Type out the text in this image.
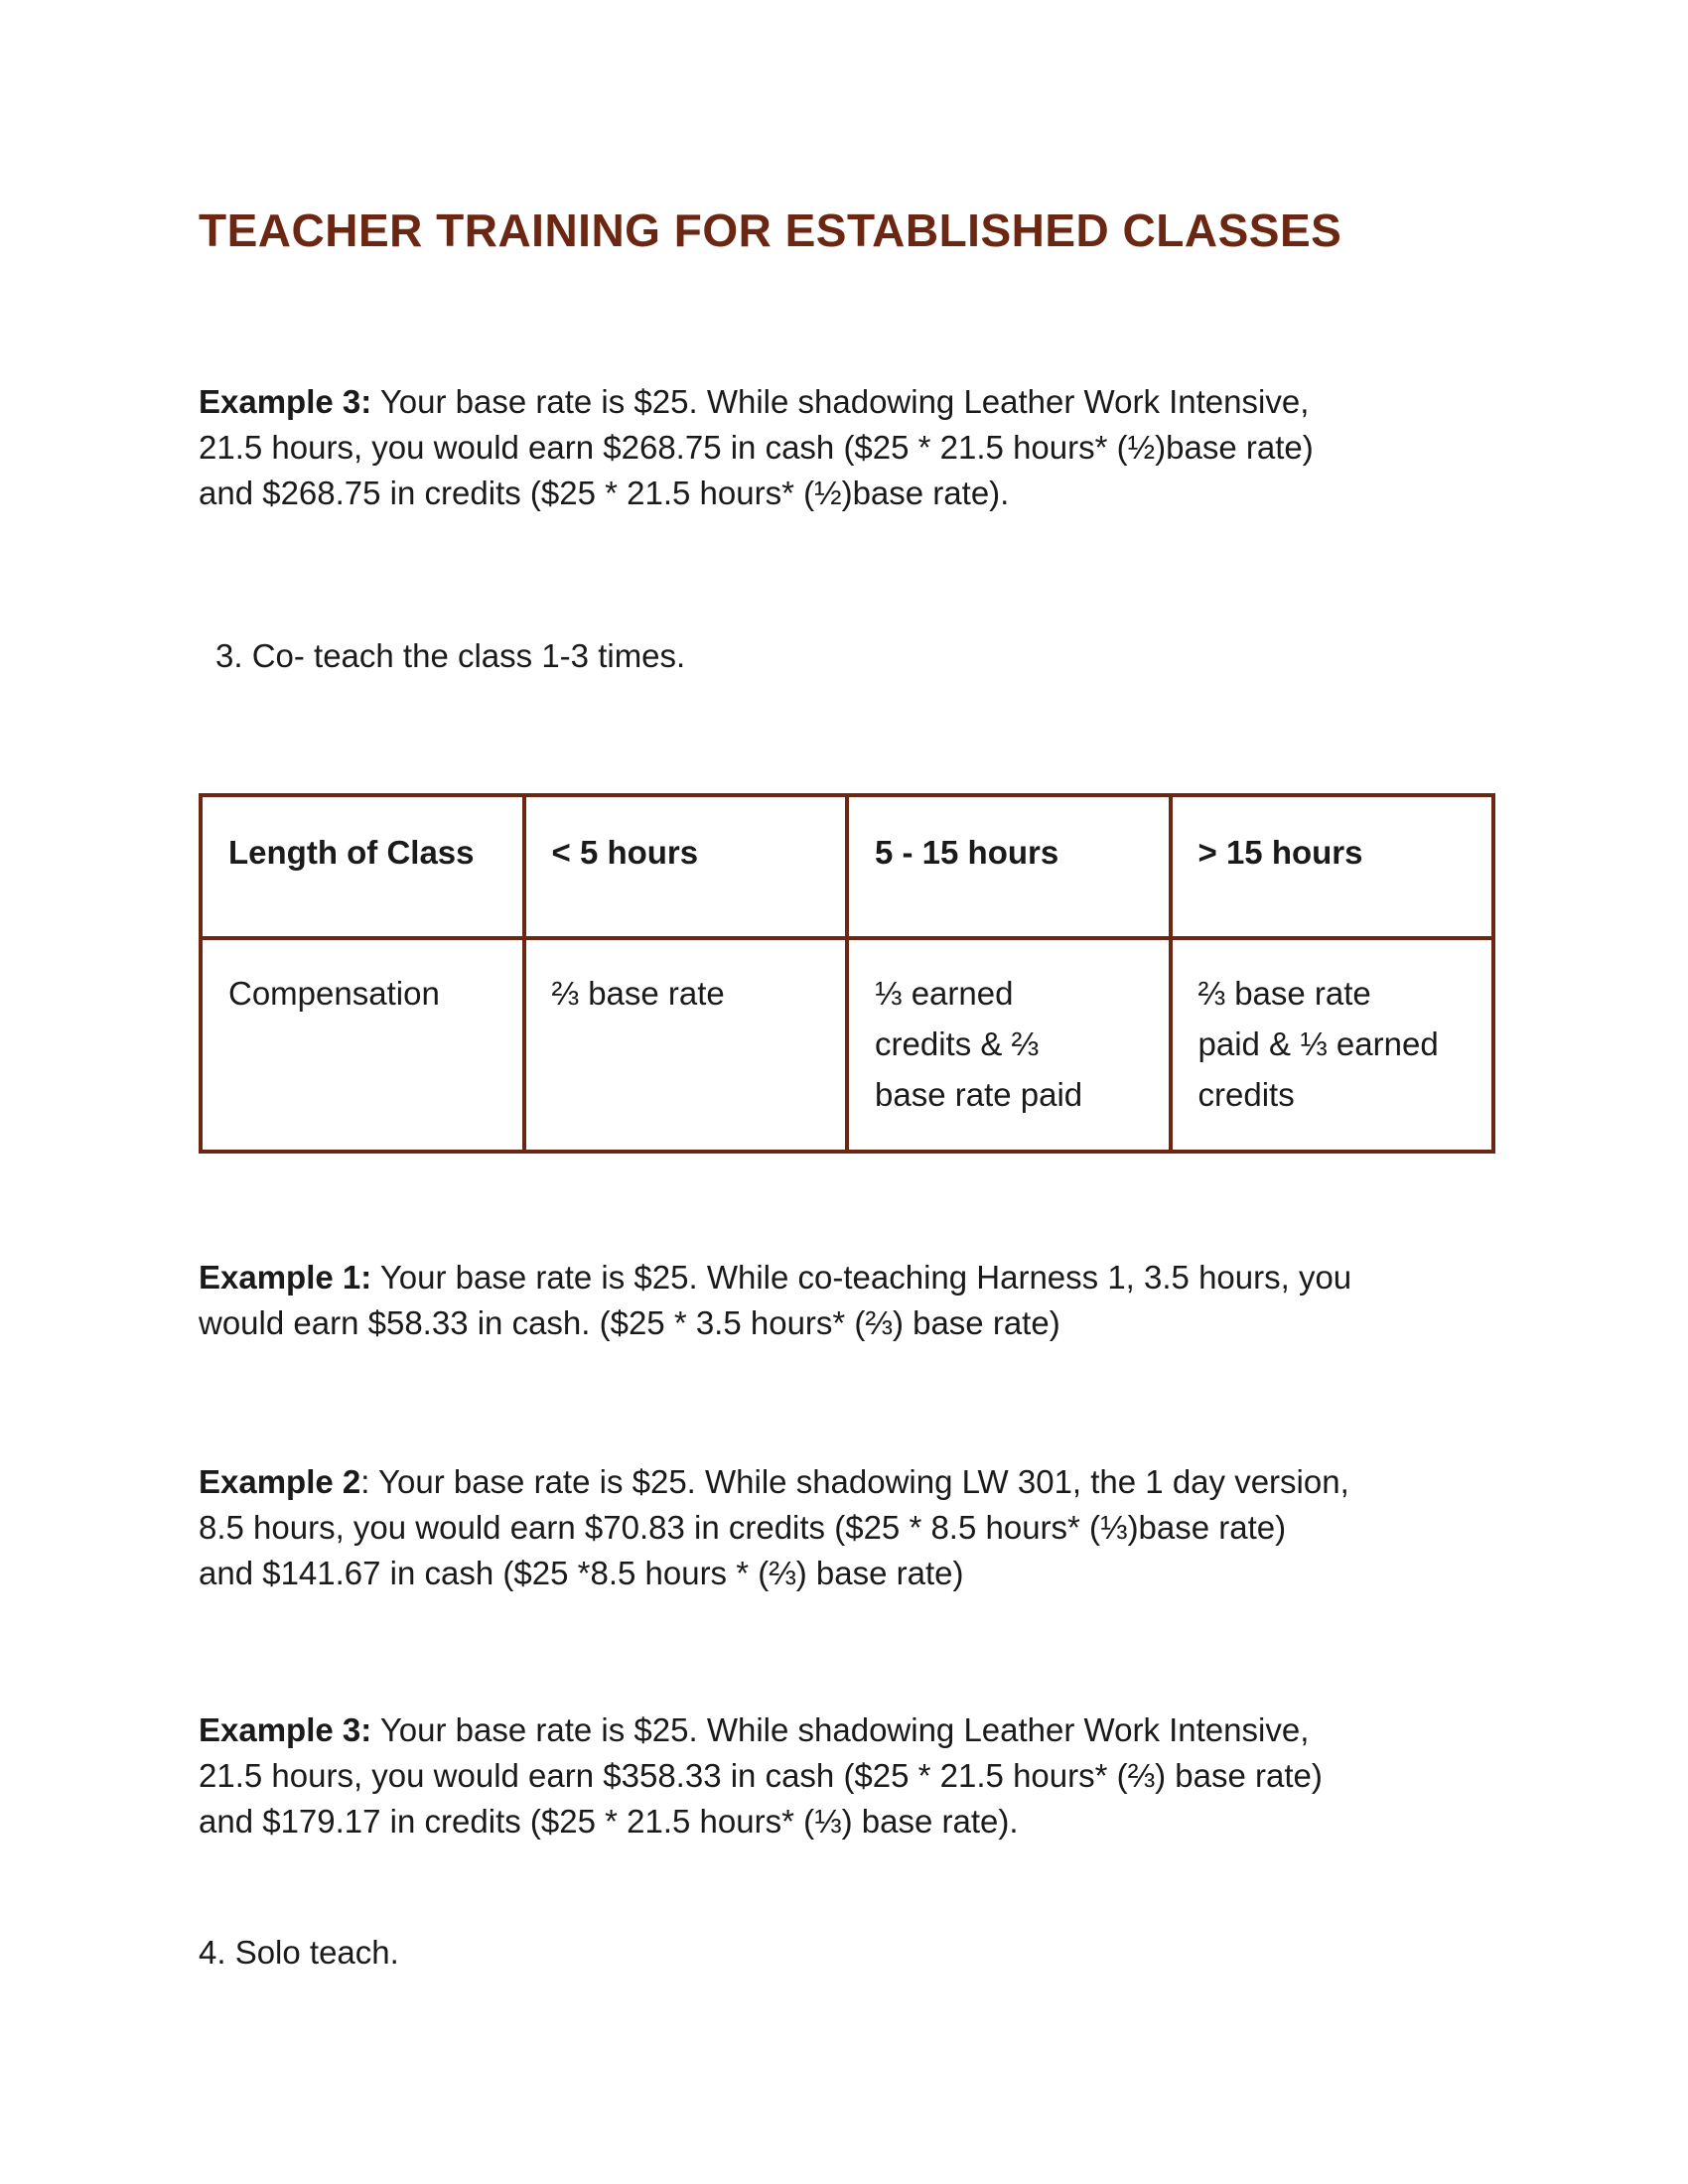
TEACHER TRAINING FOR ESTABLISHED CLASSES

Example 3: Your base rate is $25. While shadowing Leather Work Intensive,
21.5 hours, you would earn $268.75 in cash ($25 * 21.5 hours* (½)base rate)
and $268.75 in credits ($25 * 21.5 hours* (½)base rate).

3. Co- teach the class 1-3 times.

Length of Class	< 5 hours	5 - 15 hours	> 15 hours
Compensation	⅔ base rate	⅓ earned
credits & ⅔
base rate paid	⅔ base rate
paid & ⅓ earned
credits

Example 1: Your base rate is $25. While co-teaching Harness 1, 3.5 hours, you
would earn $58.33 in cash. ($25 * 3.5 hours* (⅔) base rate)

Example 2: Your base rate is $25. While shadowing LW 301, the 1 day version,
8.5 hours, you would earn $70.83 in credits ($25 * 8.5 hours* (⅓)base rate)
and $141.67 in cash ($25 *8.5 hours * (⅔) base rate)

Example 3: Your base rate is $25. While shadowing Leather Work Intensive,
21.5 hours, you would earn $358.33 in cash ($25 * 21.5 hours* (⅔) base rate)
and $179.17 in credits ($25 * 21.5 hours* (⅓) base rate).

4. Solo teach.
